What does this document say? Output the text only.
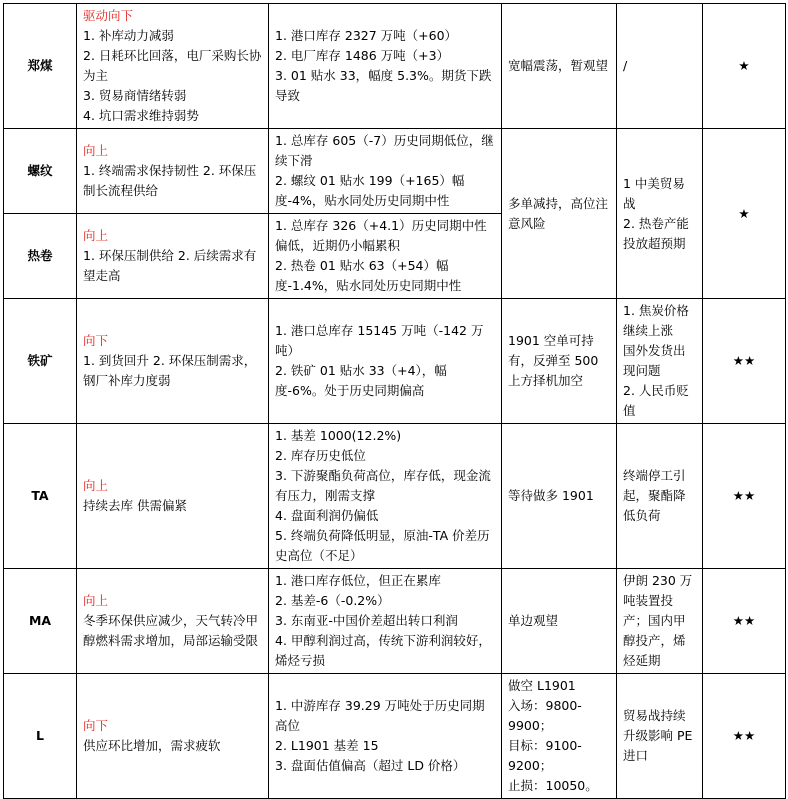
郑煤	驱动向下
1. 补库动力减弱
2. 日耗环比回落，电厂采购长协为主
3. 贸易商情绪转弱
4. 坑口需求维持弱势	1. 港口库存 2327 万吨（+60）
2. 电厂库存 1486 万吨（+3）
3. 01 贴水 33，幅度 5.3%。期货下跌导致	宽幅震荡，暂观望	/	★
螺纹	向上
1. 终端需求保持韧性 2. 环保压制长流程供给	1. 总库存 605（-7）历史同期低位，继续下滑
2. 螺纹 01 贴水 199（+165）幅度-4%，贴水同处历史同期中性	多单减持，高位注意风险	1 中美贸易战
2. 热卷产能投放超预期	★
热卷	向上
1. 环保压制供给 2. 后续需求有望走高	1. 总库存 326（+4.1）历史同期中性偏低，近期仍小幅累积
2. 热卷 01 贴水 63（+54）幅度-1.4%，贴水同处历史同期中性			

铁矿	向下
1. 到货回升 2. 环保压制需求，钢厂补库力度弱	1. 港口总库存 15145 万吨（-142 万吨）
2. 铁矿 01 贴水 33（+4），幅度-6%。处于历史同期偏高	1901 空单可持有，反弹至 500 上方择机加空	1. 焦炭价格继续上涨
国外发货出现问题
2. 人民币贬值	★★
TA	向上
持续去库 供需偏紧	1. 基差 1000(12.2%)
2. 库存历史低位
3. 下游聚酯负荷高位，库存低，现金流有压力，刚需支撑
4. 盘面利润仍偏低
5. 终端负荷降低明显，原油-TA 价差历史高位（不足）	等待做多 1901	终端停工引起，聚酯降低负荷	★★
MA	向上
冬季环保供应减少，天气转冷甲醇燃料需求增加，局部运输受限	1. 港口库存低位，但正在累库
2. 基差-6（-0.2%）
3. 东南亚-中国价差超出转口利润
4. 甲醇利润过高，传统下游利润较好，烯烃亏损	单边观望	伊朗 230 万吨装置投产；国内甲醇投产，烯烃延期	★★
L	向下
供应环比增加，需求疲软	1. 中游库存 39.29 万吨处于历史同期高位
2. L1901 基差 15
3. 盘面估值偏高（超过 LD 价格）	做空 L1901
入场：9800-9900；
目标：9100-9200；
止损：10050。	贸易战持续升级影响 PE 进口	★★
